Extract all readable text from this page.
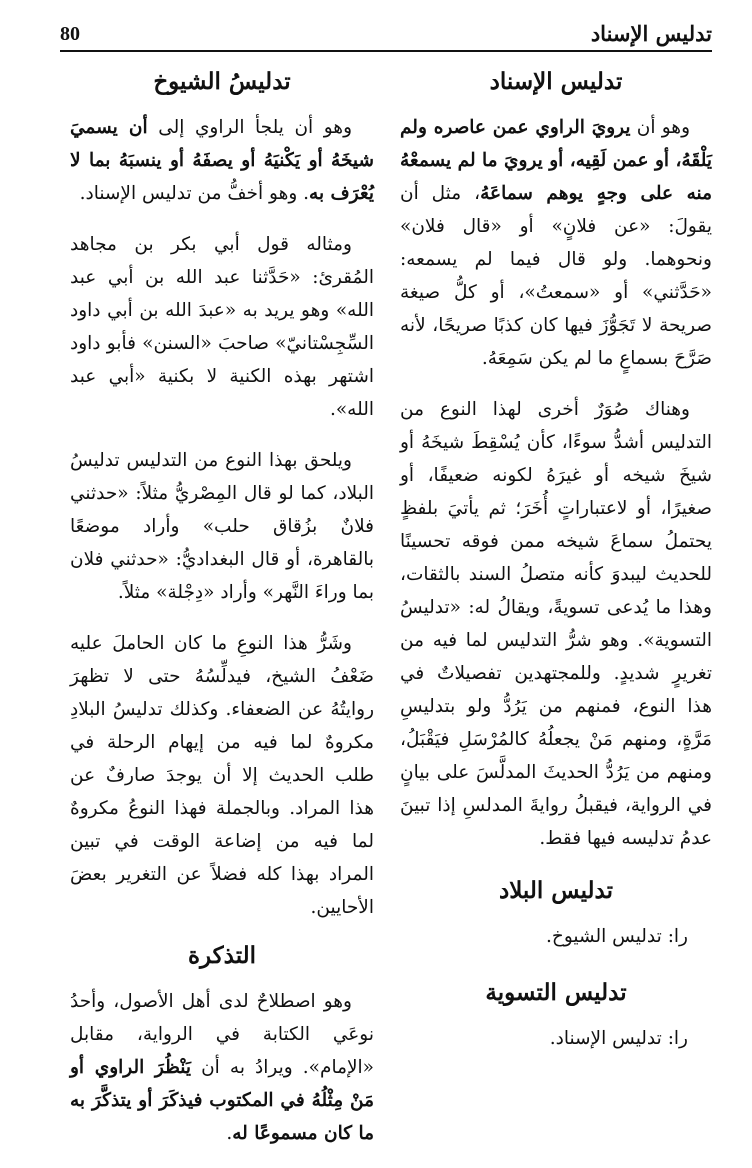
80	تدليس الإسناد
تدليس الإسناد

وهو أن يرويَ الراوي عمن عاصره ولم يَلْقَهُ، أو عمن لَقِيه، أو يرويَ ما لم يسمعْهُ منه على وجهٍ يوهم سماعَهُ، مثل أن يقولَ: «عن فلانٍ» أو «قال فلان» ونحوهما. ولو قال فيما لم يسمعه: «حَدَّثني» أو «سمعتُ»، أو كلُّ صيغة صريحة لا تَجَوُّزَ فيها كان كذبًا صريحًا، لأنه صَرَّحَ بسماعٍ ما لم يكن سَمِعَهُ.

وهناك صُوَرٌ أخرى لهذا النوع من التدليس أشدُّ سوءًا، كأن يُسْقِطَ شيخَهُ أو شيخَ شيخه أو غيرَهُ لكونه ضعيفًا، أو صغيرًا، أو لاعتباراتٍ أُخَرَ؛ ثم يأتيَ بلفظٍ يحتملُ سماعَ شيخه ممن فوقه تحسينًا للحديث ليبدوَ كأنه متصلُ السند بالثقات، وهذا ما يُدعى تسويةً، ويقالُ له: «تدليسُ التسوية». وهو شرُّ التدليس لما فيه من تغريرٍ شديدٍ. وللمجتهدين تفصيلاتٌ في هذا النوع، فمنهم من يَرُدُّ ولو بتدليسِ مَرَّةٍ، ومنهم مَنْ يجعلُهُ كالمُرْسَلِ فيَقْبَلُ، ومنهم من يَرُدُّ الحديثَ المدلَّسَ على بيانٍ في الرواية، فيقبلُ روايةَ المدلسِ إذا تبينَ عدمُ تدليسه فيها فقط.

تدليس البلاد
را: تدليس الشيوخ.
تدليس التسوية
را: تدليس الإسناد.
تدليسُ الشيوخ

وهو أن يلجأ الراوي إلى أن يسميَ شيخَهُ أو يَكْنيَهُ أو يصفَهُ أو ينسبَهُ بما لا يُعْرَف به. وهو أخفُّ من تدليس الإسناد.

ومثاله قول أبي بكر بن مجاهد المُقرئ: «حَدَّثنا عبد الله بن أبي عبد الله» وهو يريد به «عبدَ الله بن أبي داود السِّجِسْتانيّ» صاحبَ «السنن» فأبو داود اشتهر بهذه الكنية لا بكنية «أبي عبد الله».

ويلحق بهذا النوع من التدليس تدليسُ البلاد، كما لو قال المِصْريُّ مثلاً: «حدثني فلانٌ بزُقاق حلب» وأراد موضعًا بالقاهرة، أو قال البغداديُّ: «حدثني فلان بما وراءَ النَّهر» وأراد «دِجْلة» مثلاً.

وشَرُّ هذا النوعِ ما كان الحاملَ عليه ضَعْفُ الشيخ، فيدلِّسُهُ حتى لا تظهرَ روايتُهُ عن الضعفاء. وكذلك تدليسُ البلادِ مكروهٌ لما فيه من إيهام الرحلة في طلب الحديث إلا أن يوجدَ صارفٌ عن هذا المراد. وبالجملة فهذا النوعُ مكروهٌ لما فيه من إضاعة الوقت في تبين المراد بهذا كله فضلاً عن التغرير بعضَ الأحايين.

التذكرة

وهو اصطلاحٌ لدى أهل الأصول، وأحدُ نوعَي الكتابة في الرواية، مقابل «الإمام». ويرادُ به أن يَنْظُرَ الراوي أو مَنْ مِثْلُهُ في المكتوب فيذكَرَ أو يتذكَّرَ به ما كان مسموعًا له.
